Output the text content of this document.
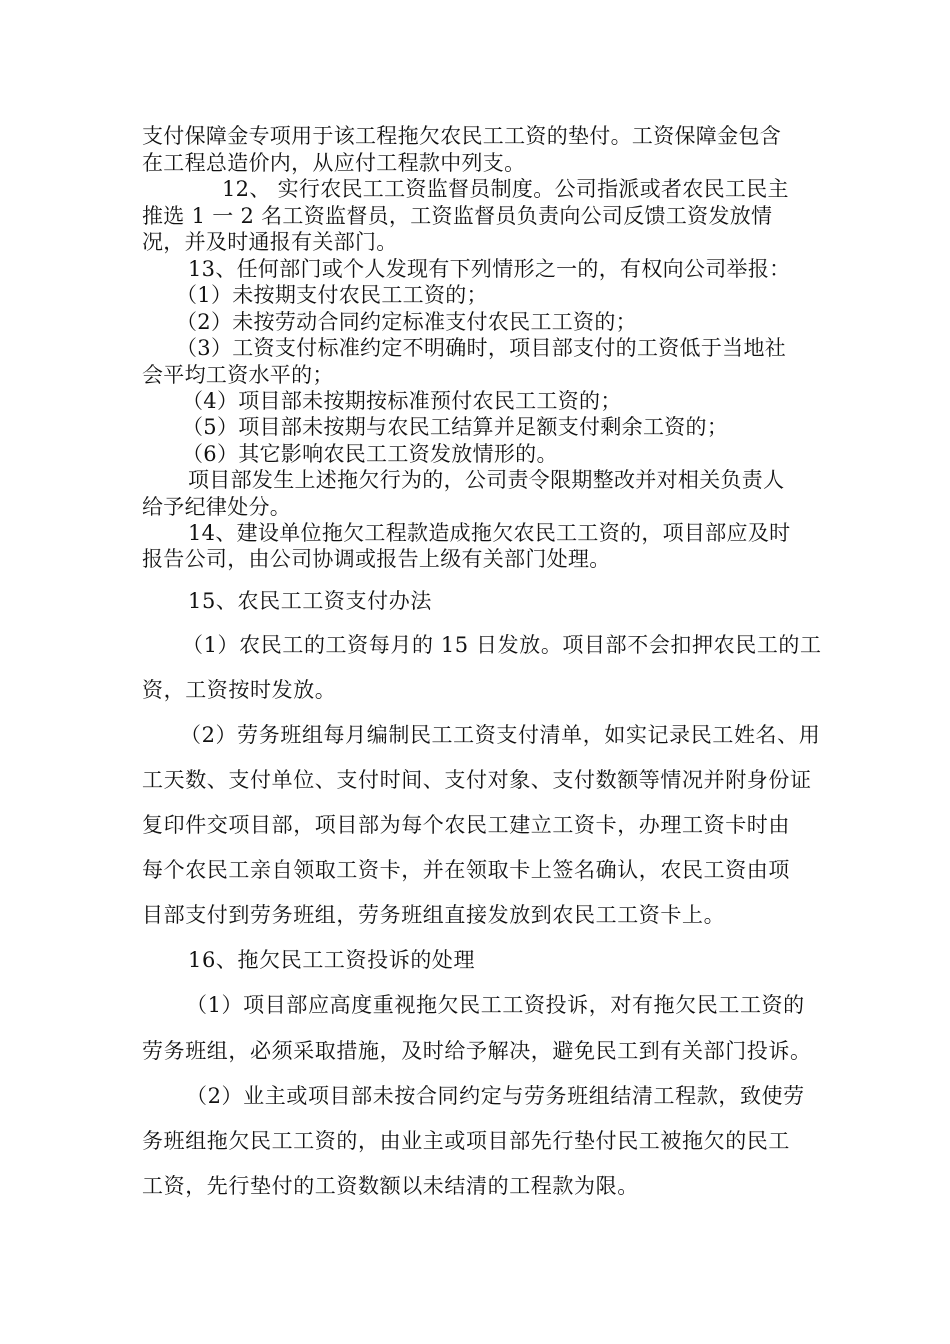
支付保障金专项用于该工程拖欠农民工工资的垫付。工资保障金包含

在工程总造价内，从应付工程款中列支。

12、 实行农民工工资监督员制度。公司指派或者农民工民主

推选 1 一 2 名工资监督员，工资监督员负责向公司反馈工资发放情

况，并及时通报有关部门。

13、任何部门或个人发现有下列情形之一的，有权向公司举报：

（1）未按期支付农民工工资的；

（2）未按劳动合同约定标准支付农民工工资的；

（3）工资支付标准约定不明确时，项目部支付的工资低于当地社

会平均工资水平的；

（4）项目部未按期按标准预付农民工工资的；

（5）项目部未按期与农民工结算并足额支付剩余工资的；

（6）其它影响农民工工资发放情形的。

项目部发生上述拖欠行为的，公司责令限期整改并对相关负责人

给予纪律处分。

14、建设单位拖欠工程款造成拖欠农民工工资的，项目部应及时

报告公司，由公司协调或报告上级有关部门处理。

15、农民工工资支付办法

（1）农民工的工资每月的 15 日发放。项目部不会扣押农民工的工

资，工资按时发放。

（2）劳务班组每月编制民工工资支付清单，如实记录民工姓名、用

工天数、支付单位、支付时间、支付对象、支付数额等情况并附身份证

复印件交项目部，项目部为每个农民工建立工资卡，办理工资卡时由

每个农民工亲自领取工资卡，并在领取卡上签名确认，农民工资由项

目部支付到劳务班组，劳务班组直接发放到农民工工资卡上。

16、拖欠民工工资投诉的处理

（1）项目部应高度重视拖欠民工工资投诉，对有拖欠民工工资的

劳务班组，必须采取措施，及时给予解决，避免民工到有关部门投诉。

（2）业主或项目部未按合同约定与劳务班组结清工程款，致使劳

务班组拖欠民工工资的，由业主或项目部先行垫付民工被拖欠的民工

工资，先行垫付的工资数额以未结清的工程款为限。
